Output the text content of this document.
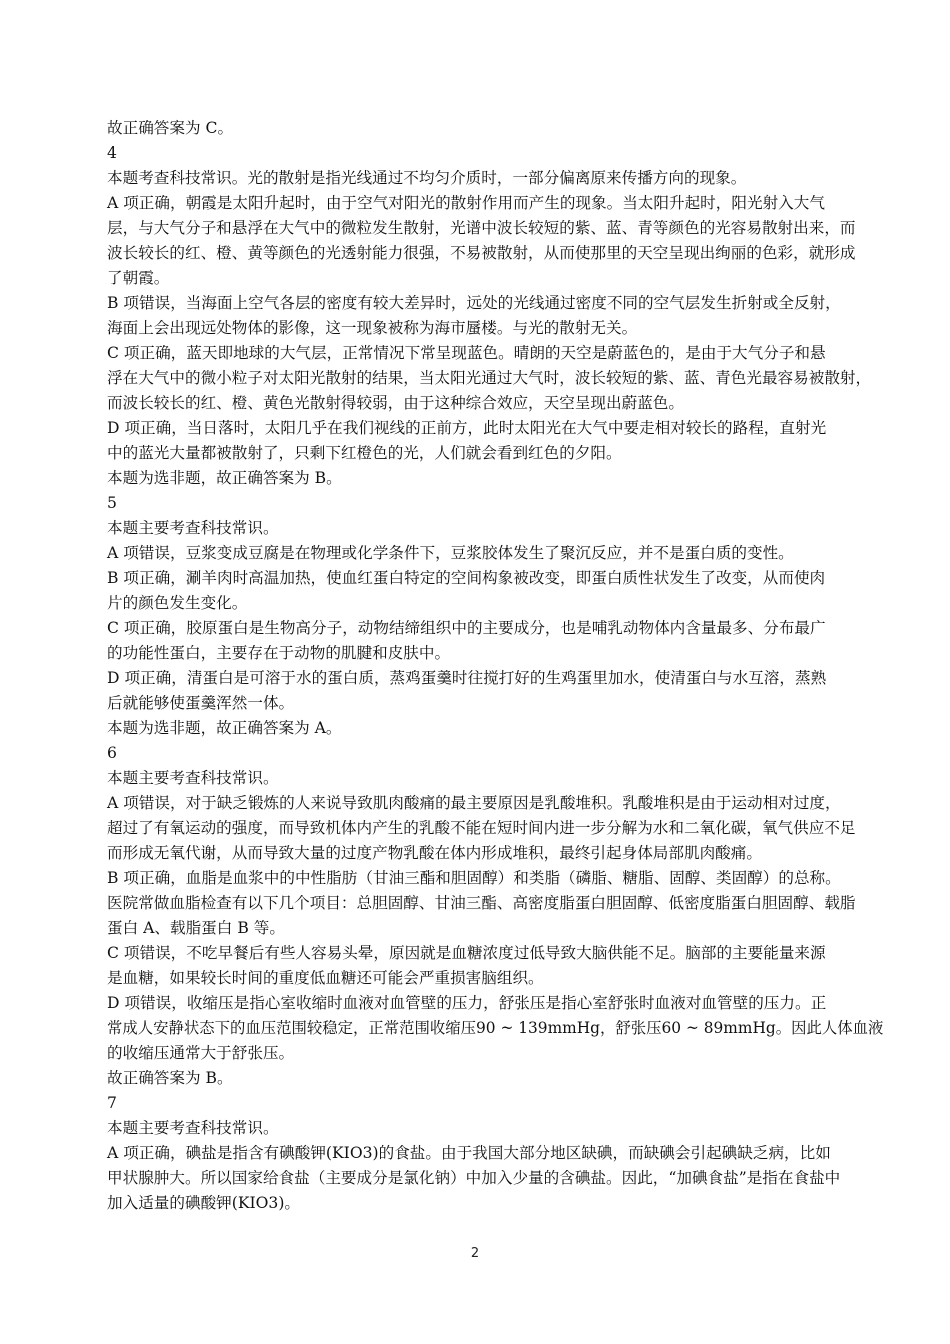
故正确答案为 C。
4
本题考查科技常识。光的散射是指光线通过不均匀介质时，一部分偏离原来传播方向的现象。
A 项正确，朝霞是太阳升起时，由于空气对阳光的散射作用而产生的现象。当太阳升起时，阳光射入大气
层，与大气分子和悬浮在大气中的微粒发生散射，光谱中波长较短的紫、蓝、青等颜色的光容易散射出来，而
波长较长的红、橙、黄等颜色的光透射能力很强，不易被散射，从而使那里的天空呈现出绚丽的色彩，就形成
了朝霞。
B 项错误，当海面上空气各层的密度有较大差异时，远处的光线通过密度不同的空气层发生折射或全反射，
海面上会出现远处物体的影像，这一现象被称为海市蜃楼。与光的散射无关。
C 项正确，蓝天即地球的大气层，正常情况下常呈现蓝色。晴朗的天空是蔚蓝色的，是由于大气分子和悬
浮在大气中的微小粒子对太阳光散射的结果，当太阳光通过大气时，波长较短的紫、蓝、青色光最容易被散射，
而波长较长的红、橙、黄色光散射得较弱，由于这种综合效应，天空呈现出蔚蓝色。
D 项正确，当日落时，太阳几乎在我们视线的正前方，此时太阳光在大气中要走相对较长的路程，直射光
中的蓝光大量都被散射了，只剩下红橙色的光，人们就会看到红色的夕阳。
本题为选非题，故正确答案为 B。
5
本题主要考查科技常识。
A 项错误，豆浆变成豆腐是在物理或化学条件下，豆浆胶体发生了聚沉反应，并不是蛋白质的变性。
B 项正确，涮羊肉时高温加热，使血红蛋白特定的空间构象被改变，即蛋白质性状发生了改变，从而使肉
片的颜色发生变化。
C 项正确，胶原蛋白是生物高分子，动物结缔组织中的主要成分，也是哺乳动物体内含量最多、分布最广
的功能性蛋白，主要存在于动物的肌腱和皮肤中。
D 项正确，清蛋白是可溶于水的蛋白质，蒸鸡蛋羹时往搅打好的生鸡蛋里加水，使清蛋白与水互溶，蒸熟
后就能够使蛋羹浑然一体。
本题为选非题，故正确答案为 A。
6
本题主要考查科技常识。
A 项错误，对于缺乏锻炼的人来说导致肌肉酸痛的最主要原因是乳酸堆积。乳酸堆积是由于运动相对过度，
超过了有氧运动的强度，而导致机体内产生的乳酸不能在短时间内进一步分解为水和二氧化碳，氧气供应不足
而形成无氧代谢，从而导致大量的过度产物乳酸在体内形成堆积，最终引起身体局部肌肉酸痛。
B 项正确，血脂是血浆中的中性脂肪（甘油三酯和胆固醇）和类脂（磷脂、糖脂、固醇、类固醇）的总称。
医院常做血脂检查有以下几个项目：总胆固醇、甘油三酯、高密度脂蛋白胆固醇、低密度脂蛋白胆固醇、载脂
蛋白 A、载脂蛋白 B 等。
C 项错误，不吃早餐后有些人容易头晕，原因就是血糖浓度过低导致大脑供能不足。脑部的主要能量来源
是血糖，如果较长时间的重度低血糖还可能会严重损害脑组织。
D 项错误，收缩压是指心室收缩时血液对血管壁的压力，舒张压是指心室舒张时血液对血管壁的压力。正
常成人安静状态下的血压范围较稳定，正常范围收缩压90 ~ 139mmHg，舒张压60 ~ 89mmHg。因此人体血液
的收缩压通常大于舒张压。
故正确答案为 B。
7
本题主要考查科技常识。
A 项正确，碘盐是指含有碘酸钾(KIO3)的食盐。由于我国大部分地区缺碘，而缺碘会引起碘缺乏病，比如
甲状腺肿大。所以国家给食盐（主要成分是氯化钠）中加入少量的含碘盐。因此，“加碘食盐”是指在食盐中
加入适量的碘酸钾(KIO3)。
2
